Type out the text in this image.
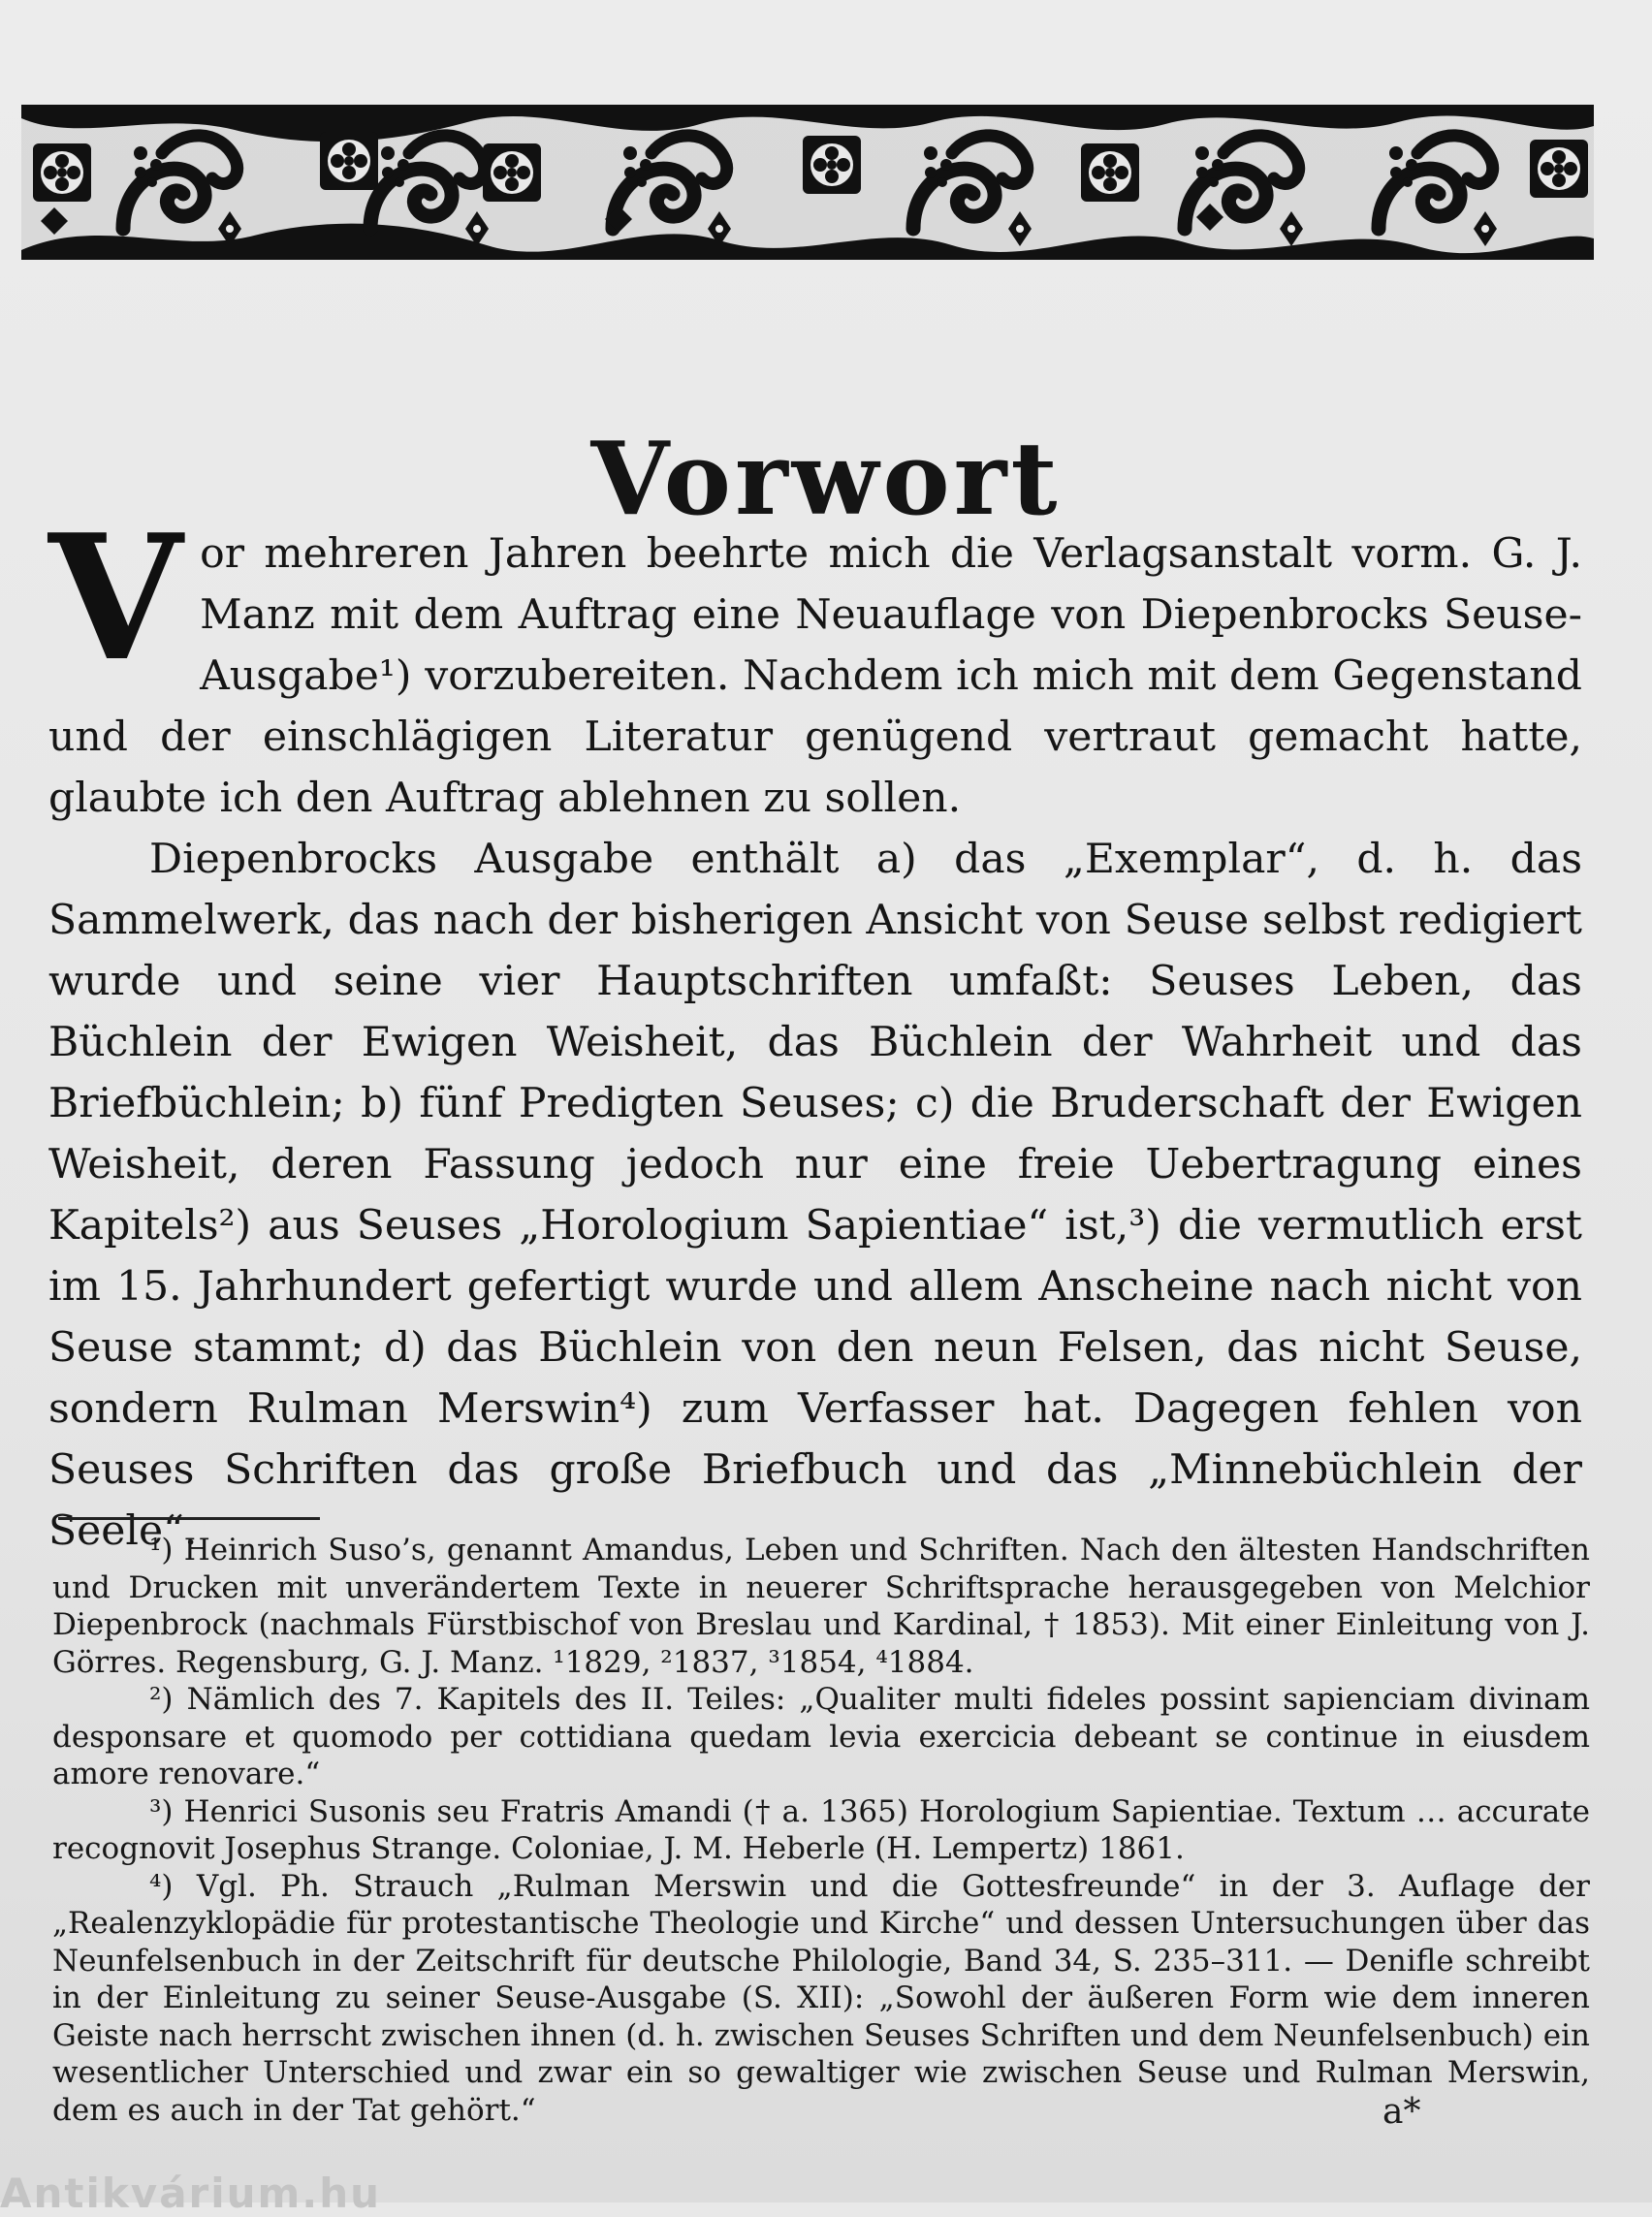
Vorwort

Vor mehreren Jahren beehrte mich die Verlagsanstalt vorm. G. J. Manz mit dem Auftrag eine Neuauflage von Diepenbrocks Seuse-Ausgabe¹) vorzubereiten. Nachdem ich mich mit dem Gegenstand und der einschlägigen Literatur genügend vertraut gemacht hatte, glaubte ich den Auftrag ablehnen zu sollen.

Diepenbrocks Ausgabe enthält a) das „Exemplar“, d. h. das Sammelwerk, das nach der bisherigen Ansicht von Seuse selbst redigiert wurde und seine vier Hauptschriften umfaßt: Seuses Leben, das Büchlein der Ewigen Weisheit, das Büchlein der Wahrheit und das Briefbüchlein; b) fünf Predigten Seuses; c) die Bruderschaft der Ewigen Weisheit, deren Fassung jedoch nur eine freie Uebertragung eines Kapitels²) aus Seuses „Horologium Sapientiae“ ist,³) die vermutlich erst im 15. Jahrhundert gefertigt wurde und allem Anscheine nach nicht von Seuse stammt; d) das Büchlein von den neun Felsen, das nicht Seuse, sondern Rulman Merswin⁴) zum Verfasser hat. Dagegen fehlen von Seuses Schriften das große Briefbuch und das „Minnebüchlein der Seele“.

¹) Heinrich Suso’s, genannt Amandus, Leben und Schriften. Nach den ältesten Handschriften und Drucken mit unverändertem Texte in neuerer Schriftsprache herausgegeben von Melchior Diepenbrock (nachmals Fürstbischof von Breslau und Kardinal, † 1853). Mit einer Einleitung von J. Görres. Regensburg, G. J. Manz. ¹1829, ²1837, ³1854, ⁴1884.

²) Nämlich des 7. Kapitels des II. Teiles: „Qualiter multi fideles possint sapienciam divinam desponsare et quomodo per cottidiana quedam levia exercicia debeant se continue in eiusdem amore renovare.“

³) Henrici Susonis seu Fratris Amandi († a. 1365) Horologium Sapientiae. Textum … accurate recognovit Josephus Strange. Coloniae, J. M. Heberle (H. Lempertz) 1861.

⁴) Vgl. Ph. Strauch „Rulman Merswin und die Gottesfreunde“ in der 3. Auflage der „Realenzyklopädie für protestantische Theologie und Kirche“ und dessen Untersuchungen über das Neunfelsenbuch in der Zeitschrift für deutsche Philologie, Band 34, S. 235–311. — Denifle schreibt in der Einleitung zu seiner Seuse-Ausgabe (S. XII): „Sowohl der äußeren Form wie dem inneren Geiste nach herrscht zwischen ihnen (d. h. zwischen Seuses Schriften und dem Neunfelsenbuch) ein wesentlicher Unterschied und zwar ein so gewaltiger wie zwischen Seuse und Rulman Merswin, dem es auch in der Tat gehört.“	a*
Antikvárium.hu
